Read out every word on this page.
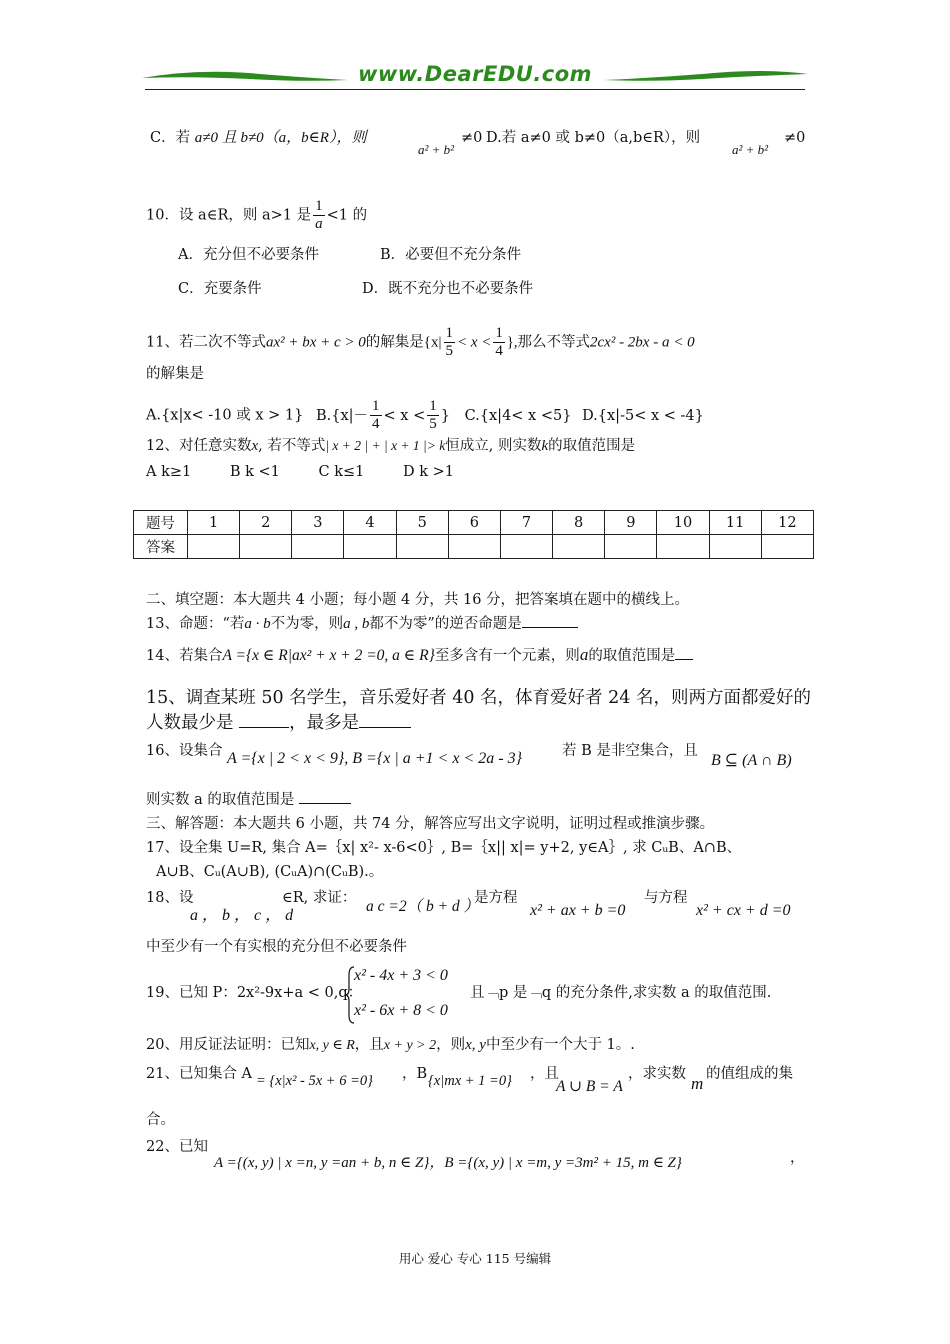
www.DearEDU.com
C．若 a≠0 且 b≠0（a，b∈R），则
a² + b²
≠0 D.若 a≠0 或 b≠0（a,b∈R），则
a² + b²
≠0
10．设 a∈R，则 a>1 是 $\frac{1}{a} <1$ 的
A．充分但不必要条件	B．必要但不充分条件
C．充要条件	D．既不充分也不必要条件
11、若二次不等式ax² + bx + c > 0的解集是{$x| \frac{1}{5} < x < \frac{1}{4}$ },那么不等式2cx² - 2bx - a < 0
的解集是
A.{x|x< -10 或 x > 1} $B.\{x|- \frac{1}{4} < x < \frac{1}{5}$ } C.{x|4< x <5} D.{x|-5< x < -4}
12、对任意实数x, 若不等式| x + 2 | + | x + 1 |> k恒成立, 则实数k的取值范围是
A k≥1	B k <1	C k≤1	D k >1
题号	1	2	3	4	5	6	7	8	9	10	11	12
答案												
二、填空题：本大题共 4 小题；每小题 4 分，共 16 分，把答案填在题中的横线上。
13、命题：“若a · b不为零，则a , b都不为零”的逆否命题是
14、若集合A ={x ∈ R|ax² + x + 2 =0, a ∈ R}至多含有一个元素，则a的取值范围是
15、调查某班 50 名学生，音乐爱好者 40 名，体育爱好者 24 名，则两方面都爱好的
人数最少是	，最多是
16、设集合 A ={x | 2 < x < 9}, B ={x | a +1 < x < 2a - 3}	若 B 是非空集合，且
B ⊆ (A ∩ B)
则实数 a 的取值范围是
三、解答题：本大题共 6 小题，共 74 分，解答应写出文字说明，证明过程或推演步骤。
17、设全集 U=R, 集合 A=｛x| x²- x-6<0｝, B=｛x|| x|= y+2, y∈A｝, 求 CᵤB、A∩B、
A∪B、Cᵤ(A∪B), (CᵤA)∩(CᵤB).。
18、设
a ， b ， c ， d
∈R, 求证： a c =2（ b + d ）
是方程
x² + ax + b =0
与方程
x² + cx + d =0
中至少有一个有实根的充分但不必要条件
19、已知 P：2x²-9x+a < 0,q：
x² - 4x + 3 < 0
x² - 6x + 8 < 0
且﹁p 是﹁q 的充分条件,求实数 a 的取值范围.
20、用反证法证明：已知x, y ∈ R，且x + y > 2，则x, y中至少有一个大于 1。.
21、已知集合 A = {x|x² - 5x + 6 =0} ，B {x|mx + 1 =0} ，且
A ∪ B = A
，求实数 m 的值组成的集
合。
22、已知
A ={(x, y) | x =n, y =an + b, n ∈ Z}，B ={(x, y) | x =m, y =3m² + 15, m ∈ Z}	，
用心 爱心 专心 115 号编辑
